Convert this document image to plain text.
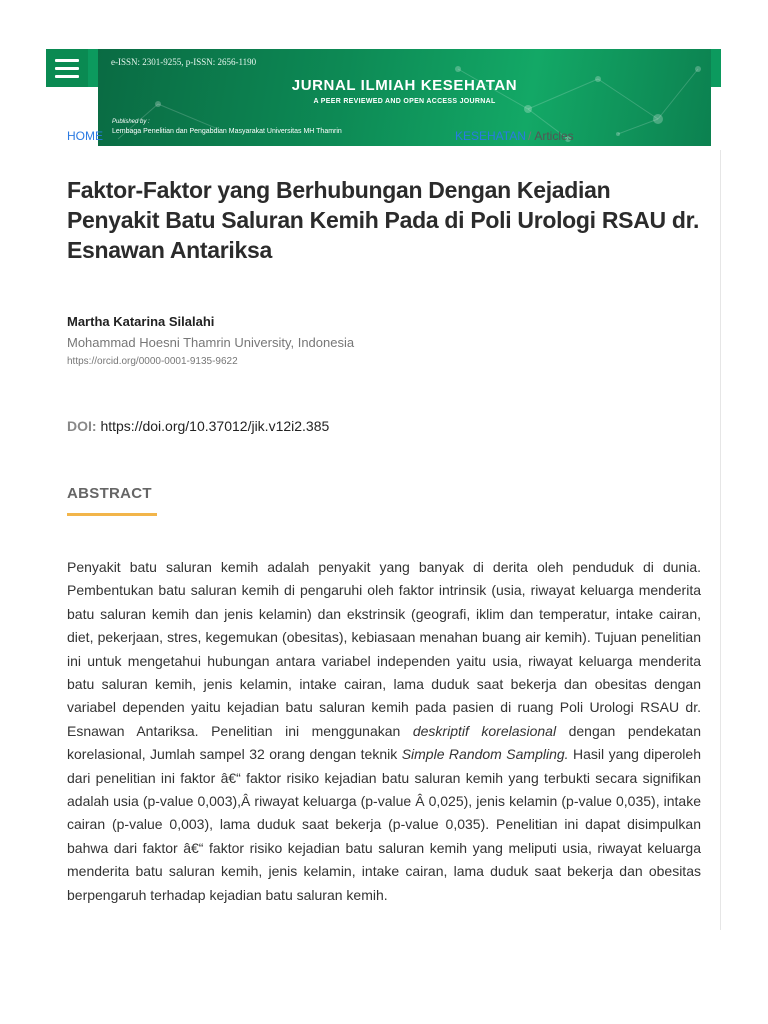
e-ISSN: 2301-9255, p-ISSN: 2656-1190
JURNAL ILMIAH KESEHATAN
A PEER REVIEWED AND OPEN ACCESS JOURNAL
Published by :
Lembaga Penelitian dan Pengabdian Masyarakat Universitas MH Thamrin
HOME	KESEHATAN / Articles
Faktor-Faktor yang Berhubungan Dengan Kejadian Penyakit Batu Saluran Kemih Pada di Poli Urologi RSAU dr. Esnawan Antariksa
Martha Katarina Silalahi
Mohammad Hoesni Thamrin University, Indonesia
https://orcid.org/0000-0001-9135-9622
DOI: https://doi.org/10.37012/jik.v12i2.385
ABSTRACT

Penyakit batu saluran kemih adalah penyakit yang banyak di derita oleh penduduk di dunia. Pembentukan batu saluran kemih di pengaruhi oleh faktor intrinsik (usia, riwayat keluarga menderita batu saluran kemih dan jenis kelamin) dan ekstrinsik (geografi, iklim dan temperatur, intake cairan, diet, pekerjaan, stres, kegemukan (obesitas), kebiasaan menahan buang air kemih). Tujuan penelitian ini untuk mengetahui hubungan antara variabel independen yaitu usia, riwayat keluarga menderita batu saluran kemih, jenis kelamin, intake cairan, lama duduk saat bekerja dan obesitas dengan variabel dependen yaitu kejadian batu saluran kemih pada pasien di ruang Poli Urologi RSAU dr. Esnawan Antariksa. Penelitian ini menggunakan deskriptif korelasional dengan pendekatan korelasional, Jumlah sampel 32 orang dengan teknik Simple Random Sampling. Hasil yang diperoleh dari penelitian ini faktor â€“ faktor risiko kejadian batu saluran kemih yang terbukti secara signifikan adalah usia (p-value 0,003),Â riwayat keluarga (p-value Â 0,025), jenis kelamin (p-value 0,035), intake cairan (p-value 0,003), lama duduk saat bekerja (p-value 0,035). Penelitian ini dapat disimpulkan bahwa dari faktor â€“ faktor risiko kejadian batu saluran kemih yang meliputi usia, riwayat keluarga menderita batu saluran kemih, jenis kelamin, intake cairan, lama duduk saat bekerja dan obesitas berpengaruh terhadap kejadian batu saluran kemih.
